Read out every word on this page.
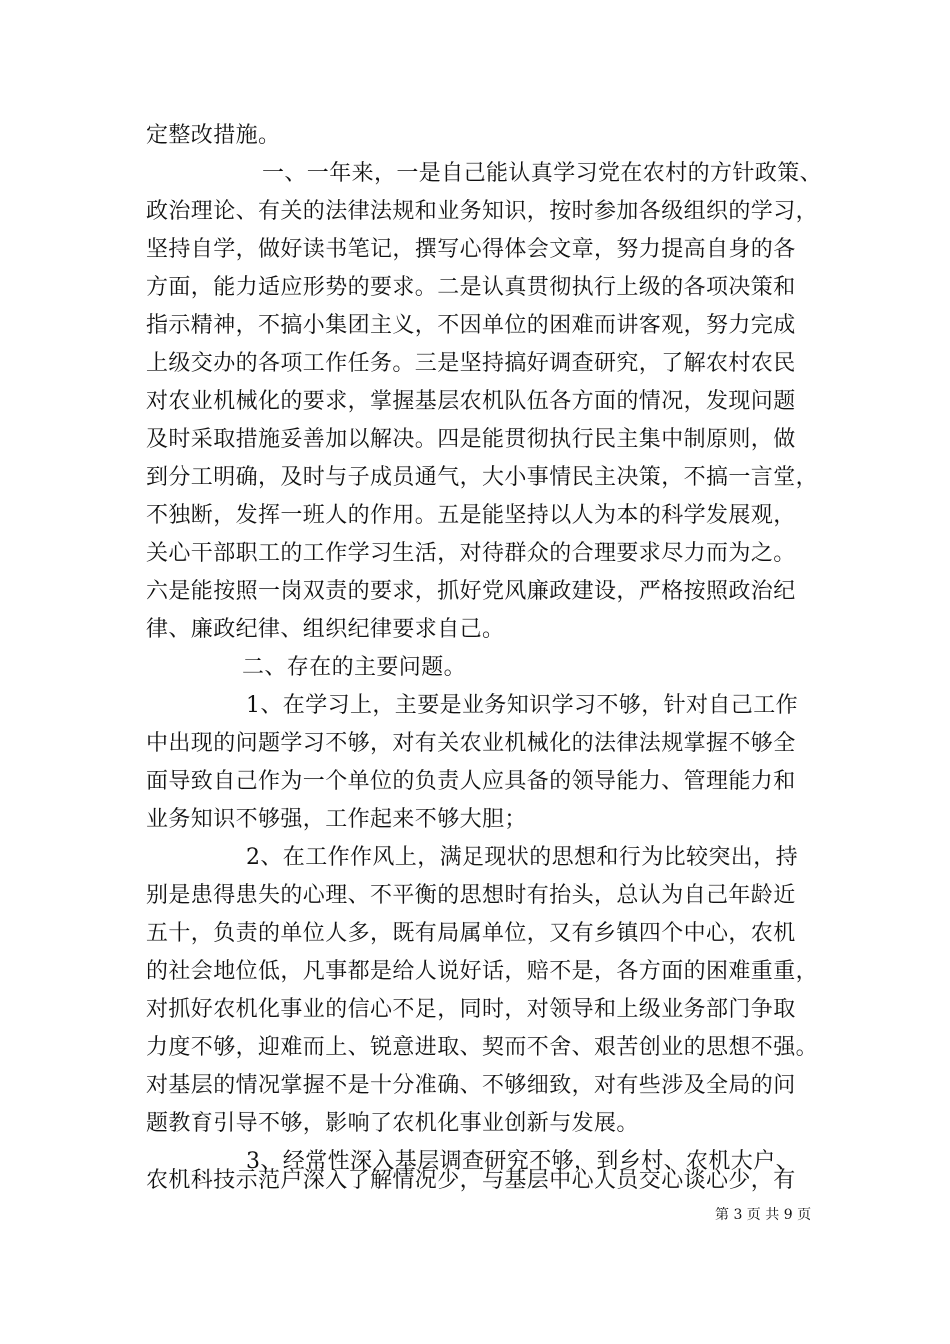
定整改措施。
一、一年来，一是自己能认真学习党在农村的方针政策、
政治理论、有关的法律法规和业务知识，按时参加各级组织的学习，
坚持自学，做好读书笔记，撰写心得体会文章，努力提高自身的各
方面，能力适应形势的要求。二是认真贯彻执行上级的各项决策和
指示精神，不搞小集团主义，不因单位的困难而讲客观，努力完成
上级交办的各项工作任务。三是坚持搞好调查研究，了解农村农民
对农业机械化的要求，掌握基层农机队伍各方面的情况，发现问题
及时采取措施妥善加以解决。四是能贯彻执行民主集中制原则，做
到分工明确，及时与子成员通气，大小事情民主决策，不搞一言堂，
不独断，发挥一班人的作用。五是能坚持以人为本的科学发展观，
关心干部职工的工作学习生活，对待群众的合理要求尽力而为之。
六是能按照一岗双责的要求，抓好党风廉政建设，严格按照政治纪
律、廉政纪律、组织纪律要求自己。
二、存在的主要问题。
1、在学习上，主要是业务知识学习不够，针对自己工作
中出现的问题学习不够，对有关农业机械化的法律法规掌握不够全
面导致自己作为一个单位的负责人应具备的领导能力、管理能力和
业务知识不够强，工作起来不够大胆；
2、在工作作风上，满足现状的思想和行为比较突出，持
别是患得患失的心理、不平衡的思想时有抬头，总认为自己年龄近
五十，负责的单位人多，既有局属单位，又有乡镇四个中心，农机
的社会地位低，凡事都是给人说好话，赔不是，各方面的困难重重，
对抓好农机化事业的信心不足，同时，对领导和上级业务部门争取
力度不够，迎难而上、锐意进取、契而不舍、艰苦创业的思想不强。
对基层的情况掌握不是十分准确、不够细致，对有些涉及全局的问
题教育引导不够，影响了农机化事业创新与发展。
3、经常性深入基层调查研究不够，到乡村、农机大户、
农机科技示范户深入了解情况少，与基层中心人员交心谈心少，有
第 3 页 共 9 页
